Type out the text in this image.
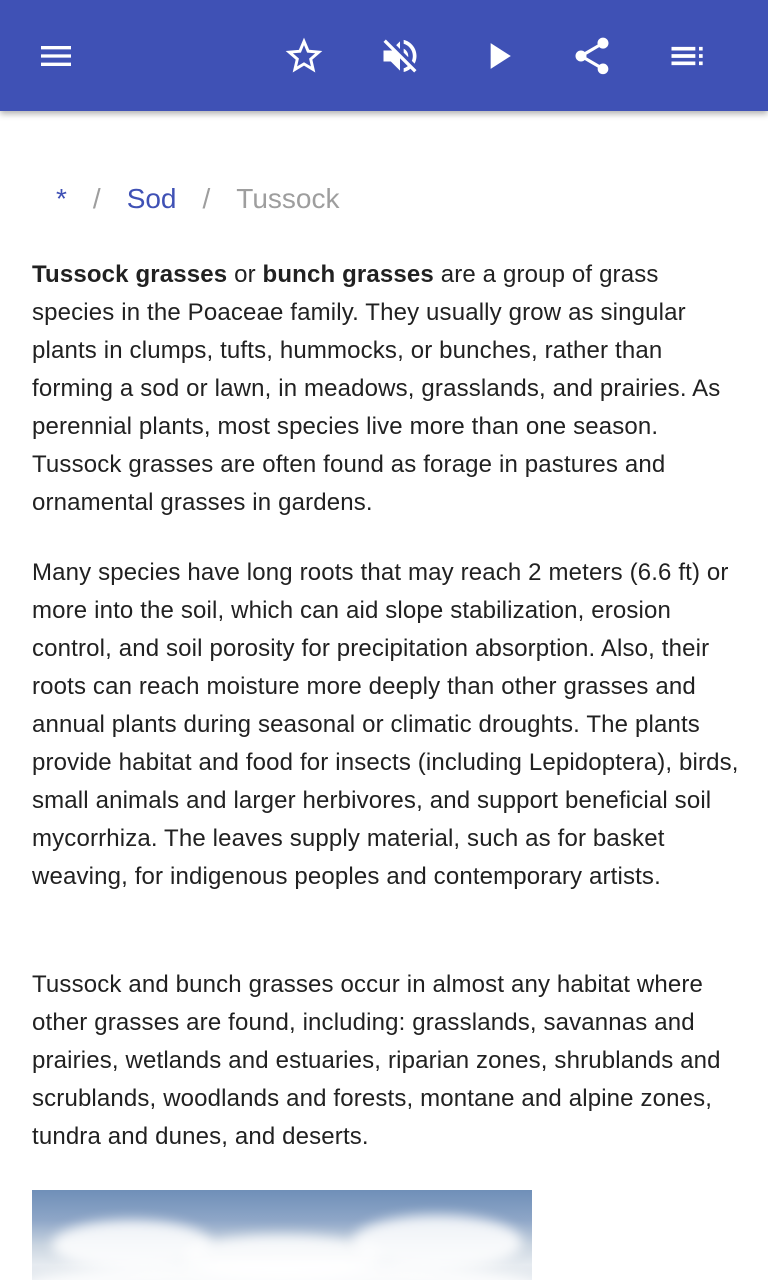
* / Sod / Tussock

Tussock grasses or bunch grasses are a group of grass species in the Poaceae family. They usually grow as singular plants in clumps, tufts, hummocks, or bunches, rather than forming a sod or lawn, in meadows, grasslands, and prairies. As perennial plants, most species live more than one season. Tussock grasses are often found as forage in pastures and ornamental grasses in gardens.

Many species have long roots that may reach 2 meters (6.6 ft) or more into the soil, which can aid slope stabilization, erosion control, and soil porosity for precipitation absorption. Also, their roots can reach moisture more deeply than other grasses and annual plants during seasonal or climatic droughts. The plants provide habitat and food for insects (including Lepidoptera), birds, small animals and larger herbivores, and support beneficial soil mycorrhiza. The leaves supply material, such as for basket weaving, for indigenous peoples and contemporary artists.

Tussock and bunch grasses occur in almost any habitat where other grasses are found, including: grasslands, savannas and prairies, wetlands and estuaries, riparian zones, shrublands and scrublands, woodlands and forests, montane and alpine zones, tundra and dunes, and deserts.
